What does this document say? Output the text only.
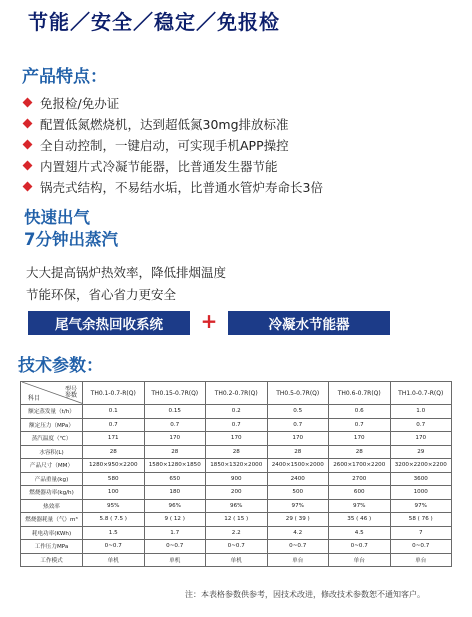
节能／安全／稳定／免报检
产品特点：
免报检/免办证
配置低氮燃烧机，达到超低氮30mg排放标准
全自动控制，一键启动，可实现手机APP操控
内置翅片式冷凝节能器，比普通发生器节能
锅壳式结构，不易结水垢，比普通水管炉寿命长3倍
快速出气
7分钟出蒸汽
大大提高锅炉热效率，降低排烟温度
节能环保，省心省力更安全
尾气余热回收系统	+	冷凝水节能器
技术参数：
型号
参数
科目	TH0.1-0.7-R(Q)	TH0.15-0.7R(Q)	TH0.2-0.7R(Q)	TH0.5-0.7R(Q)	TH0.6-0.7R(Q)	TH1.0-0.7-R(Q)
额定蒸发量（t/h）	0.1	0.15	0.2	0.5	0.6	1.0
额定压力（MPa）	0.7	0.7	0.7	0.7	0.7	0.7
蒸汽温度（℃）	171	170	170	170	170	170
水容积(L)	28	28	28	28	28	29
产品尺寸（MM）	1280×950×2200	1580×1280×1850	1850×1320×2000	2400×1500×2000	2600×1700×2200	3200×2200×2200
产品重量(kg)	580	650	900	2400	2700	3600
燃烧器功率(kg/h)	100	180	200	500	600	1000
热效率	95%	96%	96%	97%	97%	97%
燃烧器耗量（气）m³	5.8 ( 7.5 )	9 ( 12 )	12 ( 15 )	29 ( 39 )	35 ( 46 )	58 ( 76 )
耗电功率(KWh)	1.5	1.7	2.2	4.2	4.5	7
工作压力MPa	0~0.7	0~0.7	0~0.7	0~0.7	0~0.7	0~0.7
工作模式	单机	单机	单机	单台	单台	单台
注：本表格参数供参考，因技术改进，修改技术参数恕不通知客户。
